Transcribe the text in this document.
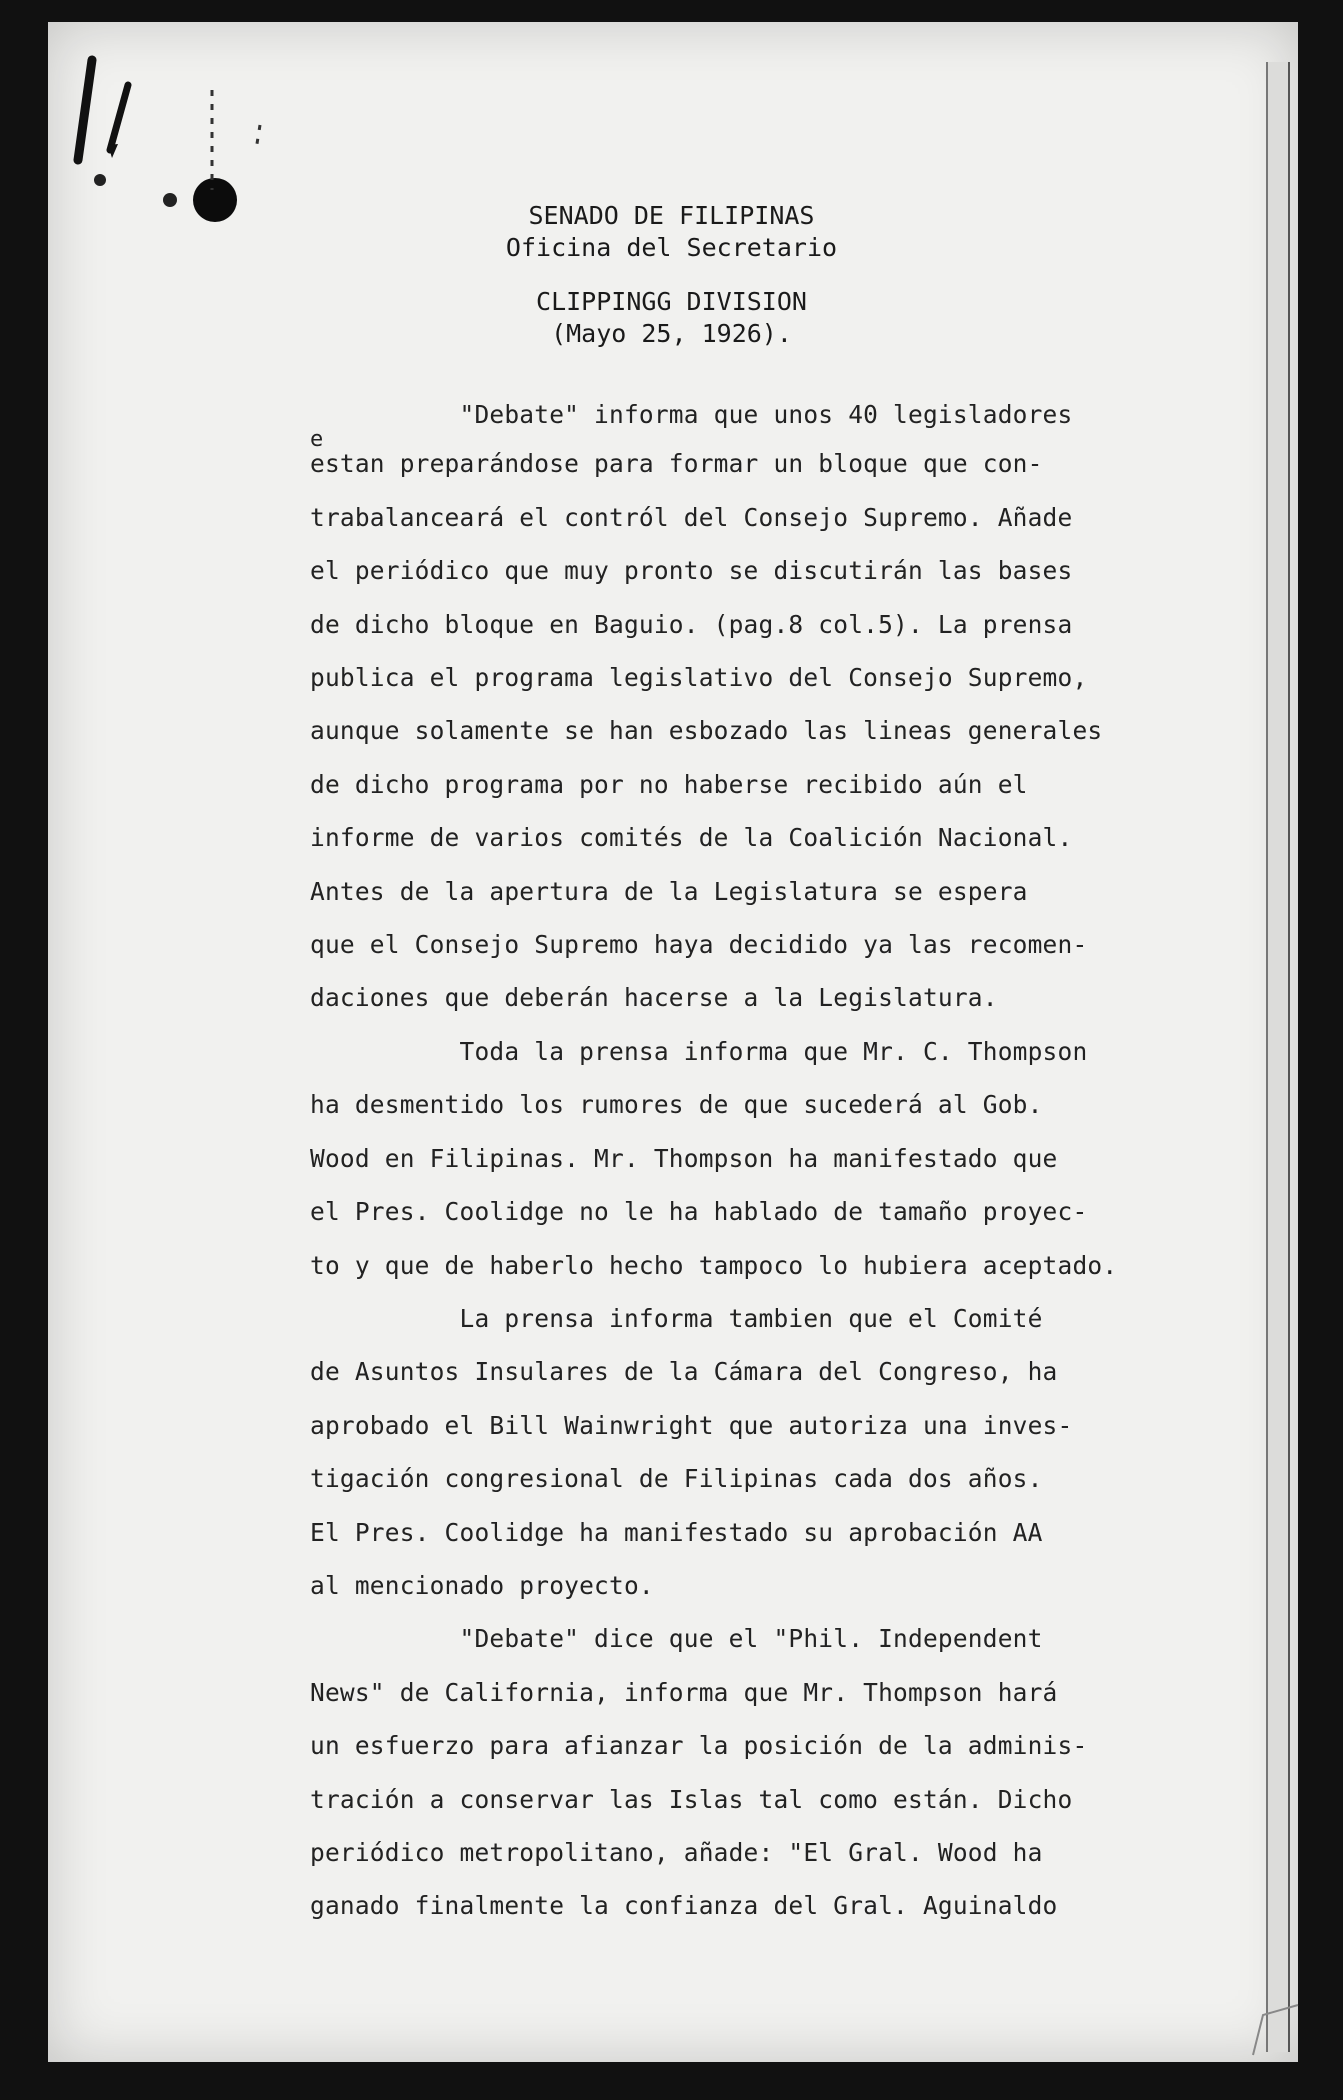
SENADO DE FILIPINAS
Oficina del Secretario
CLIPPINGG DIVISION
(Mayo 25, 1926).
"Debate" informa que unos 40 legisladores
e
estan preparándose para formar un bloque que con-
trabalanceará el contról del Consejo Supremo. Añade
el periódico que muy pronto se discutirán las bases
de dicho bloque en Baguio. (pag.8 col.5). La prensa
publica el programa legislativo del Consejo Supremo,
aunque solamente se han esbozado las lineas generales
de dicho programa por no haberse recibido aún el
informe de varios comités de la Coalición Nacional.
Antes de la apertura de la Legislatura se espera
que el Consejo Supremo haya decidido ya las recomen-
daciones que deberán hacerse a la Legislatura.
Toda la prensa informa que Mr. C. Thompson
ha desmentido los rumores de que sucederá al Gob.
Wood en Filipinas. Mr. Thompson ha manifestado que
el Pres. Coolidge no le ha hablado de tamaño proyec-
to y que de haberlo hecho tampoco lo hubiera aceptado.
La prensa informa tambien que el Comité
de Asuntos Insulares de la Cámara del Congreso, ha
aprobado el Bill Wainwright que autoriza una inves-
tigación congresional de Filipinas cada dos años.
El Pres. Coolidge ha manifestado su aprobación AA
al mencionado proyecto.
"Debate" dice que el "Phil. Independent
News" de California, informa que Mr. Thompson hará
un esfuerzo para afianzar la posición de la adminis-
tración a conservar las Islas tal como están. Dicho
periódico metropolitano, añade: "El Gral. Wood ha
ganado finalmente la confianza del Gral. Aguinaldo
